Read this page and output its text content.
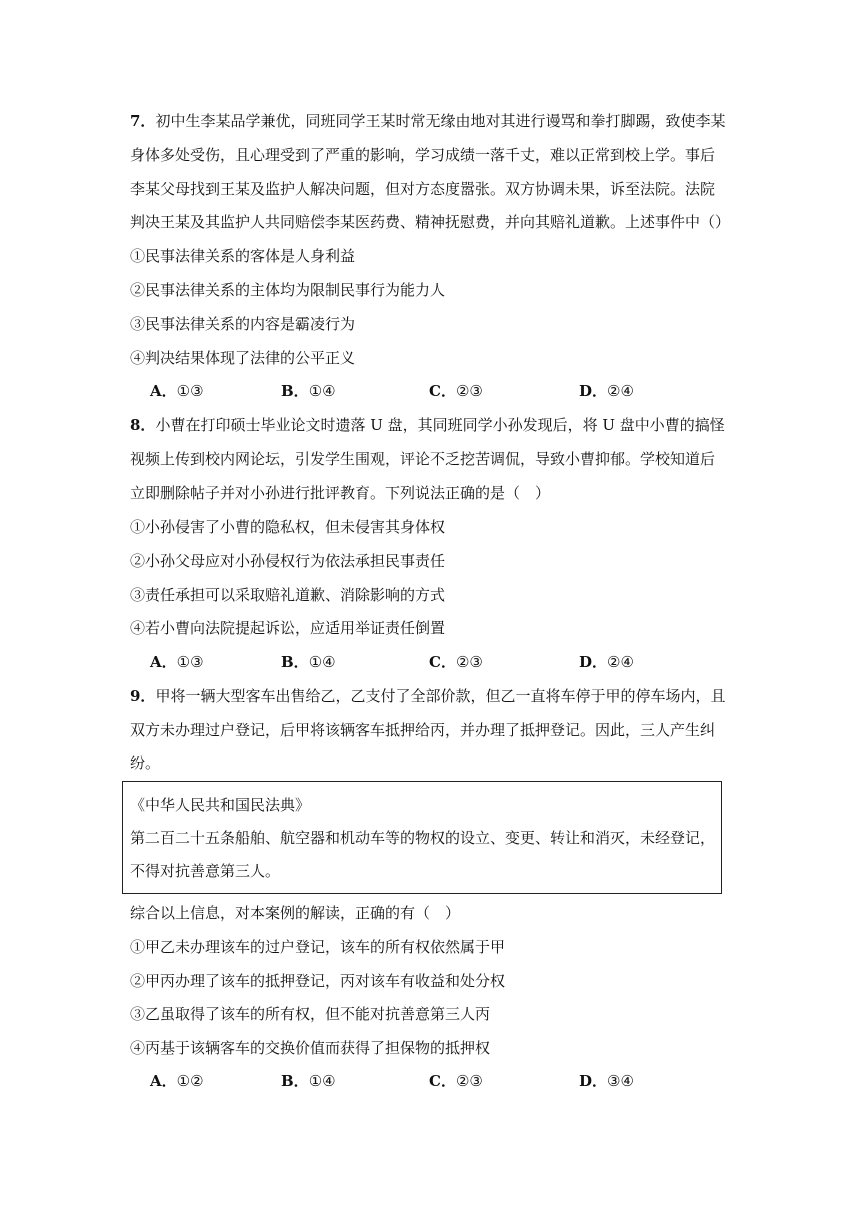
7．初中生李某品学兼优，同班同学王某时常无缘由地对其进行谩骂和拳打脚踢，致使李某
身体多处受伤，且心理受到了严重的影响，学习成绩一落千丈，难以正常到校上学。事后
李某父母找到王某及监护人解决问题，但对方态度嚣张。双方协调未果，诉至法院。法院
判决王某及其监护人共同赔偿李某医药费、精神抚慰费，并向其赔礼道歉。上述事件中（）
①民事法律关系的客体是人身利益
②民事法律关系的主体均为限制民事行为能力人
③民事法律关系的内容是霸凌行为
④判决结果体现了法律的公平正义
A．①③	B．①④	C．②③	D．②④
8．小曹在打印硕士毕业论文时遗落 U 盘，其同班同学小孙发现后，将 U 盘中小曹的搞怪
视频上传到校内网论坛，引发学生围观，评论不乏挖苦调侃，导致小曹抑郁。学校知道后
立即删除帖子并对小孙进行批评教育。下列说法正确的是（　）
①小孙侵害了小曹的隐私权，但未侵害其身体权
②小孙父母应对小孙侵权行为依法承担民事责任
③责任承担可以采取赔礼道歉、消除影响的方式
④若小曹向法院提起诉讼，应适用举证责任倒置
A．①③	B．①④	C．②③	D．②④
9．甲将一辆大型客车出售给乙，乙支付了全部价款，但乙一直将车停于甲的停车场内，且
双方未办理过户登记，后甲将该辆客车抵押给丙，并办理了抵押登记。因此，三人产生纠
纷。
《中华人民共和国民法典》
第二百二十五条船舶、航空器和机动车等的物权的设立、变更、转让和消灭，未经登记，
不得对抗善意第三人。
综合以上信息，对本案例的解读，正确的有（　）
①甲乙未办理该车的过户登记，该车的所有权依然属于甲
②甲丙办理了该车的抵押登记，丙对该车有收益和处分权
③乙虽取得了该车的所有权，但不能对抗善意第三人丙
④丙基于该辆客车的交换价值而获得了担保物的抵押权
A．①②	B．①④	C．②③	D．③④
